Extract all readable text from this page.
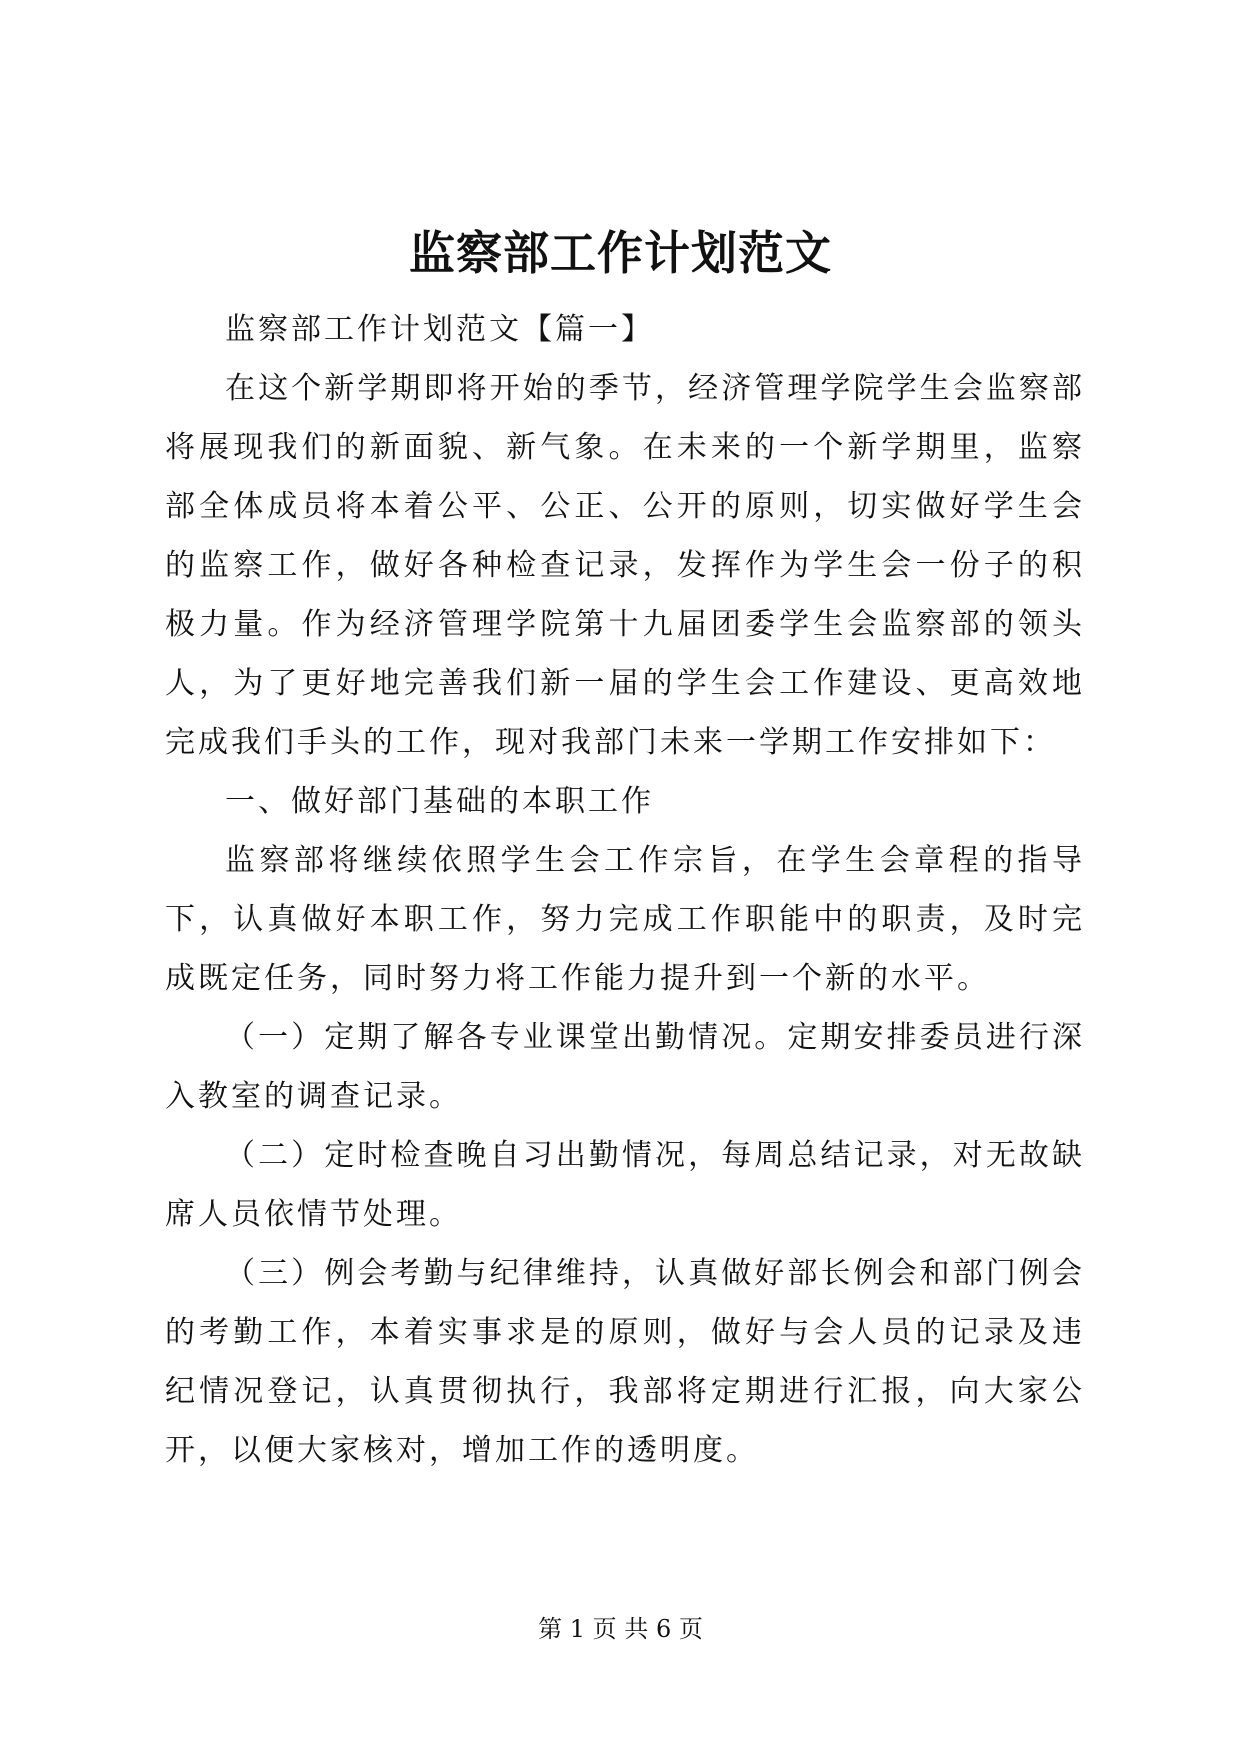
监察部工作计划范文

监察部工作计划范文【篇一】

在这个新学期即将开始的季节，经济管理学院学生会监察部将展现我们的新面貌、新气象。在未来的一个新学期里，监察部全体成员将本着公平、公正、公开的原则，切实做好学生会的监察工作，做好各种检查记录，发挥作为学生会一份子的积极力量。作为经济管理学院第十九届团委学生会监察部的领头人，为了更好地完善我们新一届的学生会工作建设、更高效地完成我们手头的工作，现对我部门未来一学期工作安排如下：

一、做好部门基础的本职工作

监察部将继续依照学生会工作宗旨，在学生会章程的指导下，认真做好本职工作，努力完成工作职能中的职责，及时完成既定任务，同时努力将工作能力提升到一个新的水平。

（一）定期了解各专业课堂出勤情况。定期安排委员进行深入教室的调查记录。

（二）定时检查晚自习出勤情况，每周总结记录，对无故缺席人员依情节处理。

（三）例会考勤与纪律维持，认真做好部长例会和部门例会的考勤工作，本着实事求是的原则，做好与会人员的记录及违纪情况登记，认真贯彻执行，我部将定期进行汇报，向大家公开，以便大家核对，增加工作的透明度。

第 1 页 共 6 页
